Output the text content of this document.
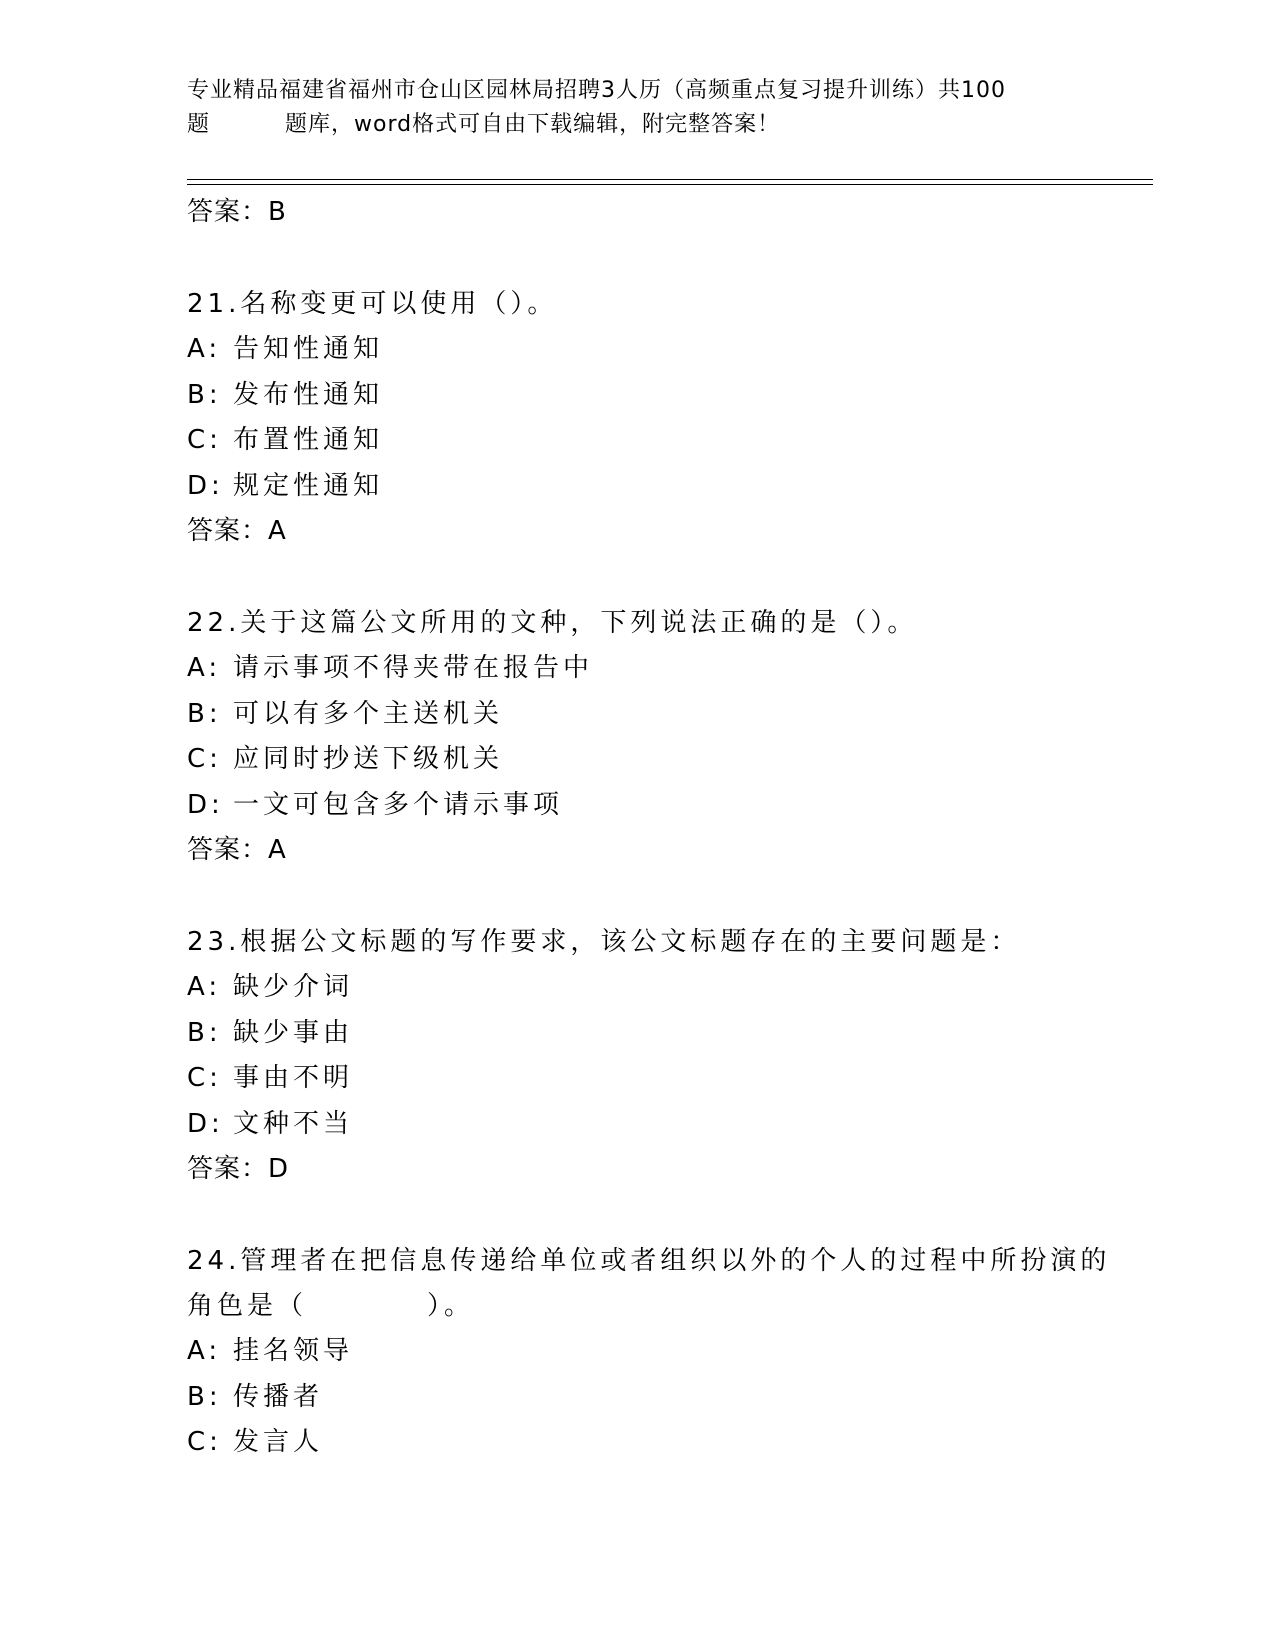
专业精品福建省福州市仓山区园林局招聘3人历（高频重点复习提升训练）共100
题	题库，word格式可自由下载编辑，附完整答案！
答案：B
21.名称变更可以使用（）。
A: 告知性通知
B: 发布性通知
C: 布置性通知
D: 规定性通知
答案：A
22.关于这篇公文所用的文种，下列说法正确的是（）。
A: 请示事项不得夹带在报告中
B: 可以有多个主送机关
C: 应同时抄送下级机关
D: 一文可包含多个请示事项
答案：A
23.根据公文标题的写作要求，该公文标题存在的主要问题是：
A: 缺少介词
B: 缺少事由
C: 事由不明
D: 文种不当
答案：D
24.管理者在把信息传递给单位或者组织以外的个人的过程中所扮演的角色是（　　　　）。
A: 挂名领导
B: 传播者
C: 发言人
